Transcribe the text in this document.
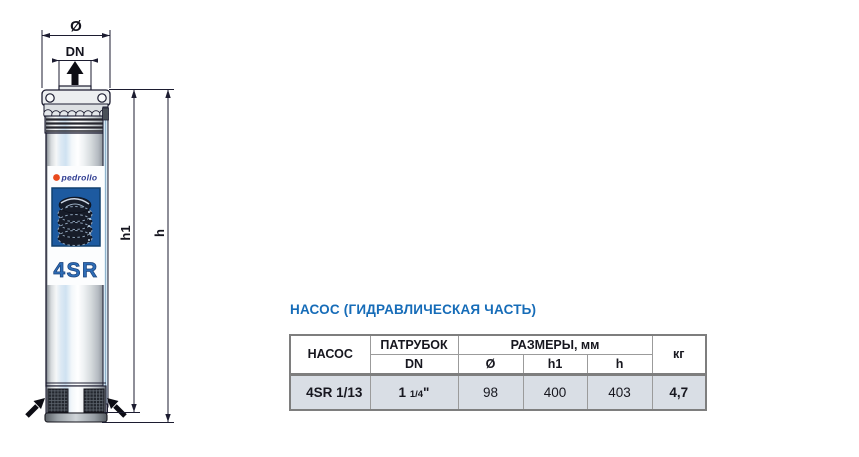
Ø
DN
pedrollo
4SR
h1 h
НАСОС (ГИДРАВЛИЧЕСКАЯ ЧАСТЬ)
НАСОС	ПАТРУБОК	РАЗМЕРЫ, мм			кг
	DN	Ø	h1	h	
4SR 1/13	1 1/4"	98	400	403	4,7
